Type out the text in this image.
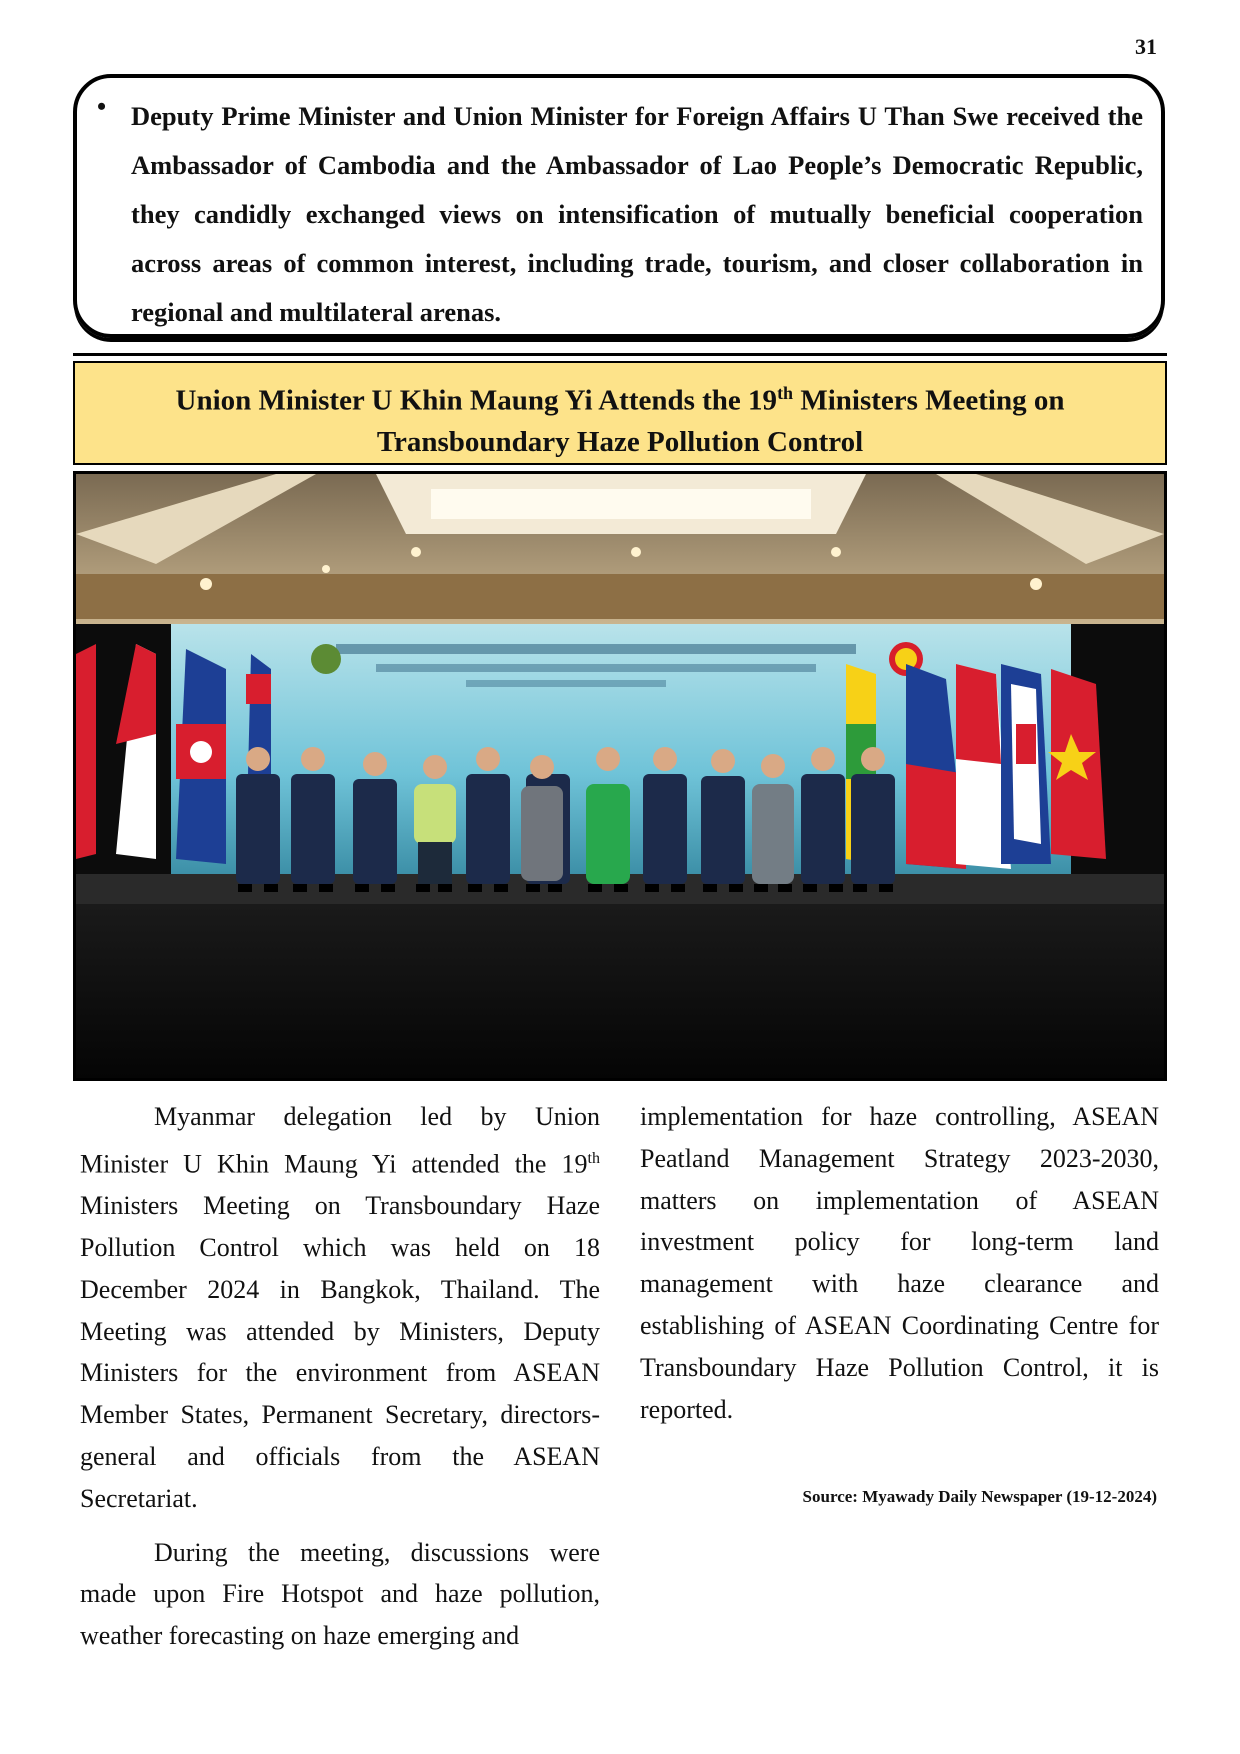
31
• Deputy Prime Minister and Union Minister for Foreign Affairs U Than Swe received the Ambassador of Cambodia and the Ambassador of Lao People’s Democratic Republic, they candidly exchanged views on intensification of mutually beneficial cooperation across areas of common interest, including trade, tourism, and closer collaboration in regional and multilateral arenas.
Union Minister U Khin Maung Yi Attends the 19th Ministers Meeting on
Transboundary Haze Pollution Control

Myanmar delegation led by Union Minister U Khin Maung Yi attended the 19th Ministers Meeting on Transboundary Haze Pollution Control which was held on 18 December 2024 in Bangkok, Thailand. The Meeting was attended by Ministers, Deputy Ministers for the environment from ASEAN Member States, Permanent Secretary, directors-general and officials from the ASEAN Secretariat.

During the meeting, discussions were made upon Fire Hotspot and haze pollution, weather forecasting on haze emerging and

implementation for haze controlling, ASEAN Peatland Management Strategy 2023-2030, matters on implementation of ASEAN investment policy for long-term land management with haze clearance and establishing of ASEAN Coordinating Centre for Transboundary Haze Pollution Control, it is reported.

Source: Myawady Daily Newspaper (19-12-2024)
